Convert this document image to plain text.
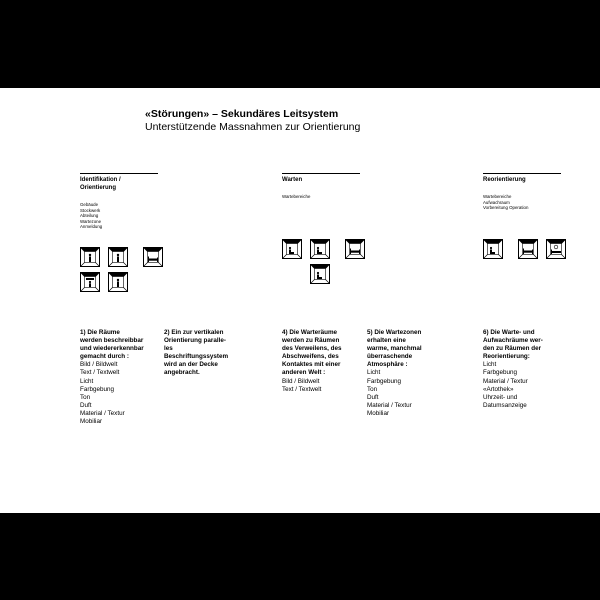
«Störungen» – Sekundäres Leitsystem
Unterstützende Massnahmen zur Orientierung
Identifikation /
Orientierung
Gebäude
Stockwerk
Abteilung
Wartezone
Anmeldung
Warten
Wartebereiche
Reorientierung
Wartebereiche
Aufwachraum
Vorbereitung Operation
1) Die Räume
werden beschreibbar
und wiedererkennbar
gemacht durch :
Bild / Bildwelt
Text / Textwelt
Licht
Farbgebung
Ton
Duft
Material / Textur
Mobiliar
2) Ein zur vertikalen
Orientierung paralle-
les
Beschriftungssystem
wird an der Decke
angebracht.
4) Die Warteräume
werden zu Räumen
des Verweilens, des
Abschweifens, des
Kontaktes mit einer
anderen Welt :
Bild / Bildwelt
Text / Textwelt
5) Die Wartezonen
erhalten eine
warme, manchmal
überraschende
Atmosphäre :
Licht
Farbgebung
Ton
Duft
Material / Textur
Mobiliar
6) Die Warte- und
Aufwachräume wer-
den zu Räumen der
Reorientierung:
Licht
Farbgebung
Material / Textur
«Artothek»
Uhrzeit- und
Datumsanzeige
